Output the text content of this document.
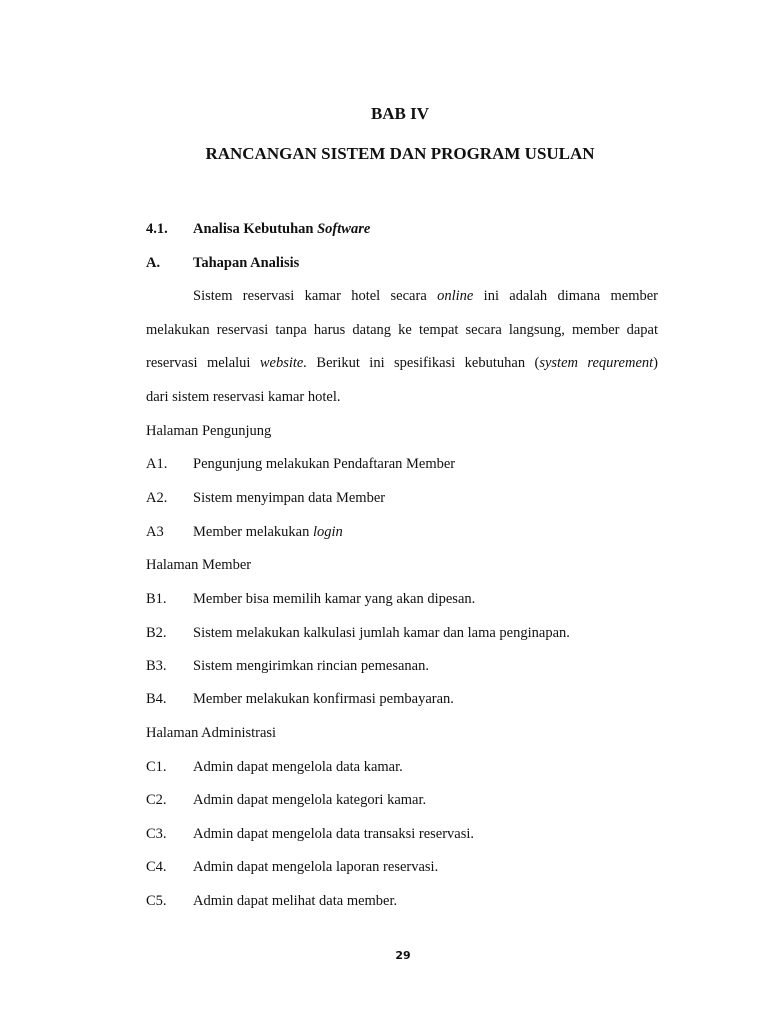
BAB IV
RANCANGAN SISTEM DAN PROGRAM USULAN
4.1. Analisa Kebutuhan Software
A. Tahapan Analisis
Sistem reservasi kamar hotel secara online ini adalah dimana member
melakukan reservasi tanpa harus datang ke tempat secara langsung, member dapat
reservasi melalui website. Berikut ini spesifikasi kebutuhan (system requrement)
dari sistem reservasi kamar hotel.
Halaman Pengunjung
A1. Pengunjung melakukan Pendaftaran Member
A2. Sistem menyimpan data Member
A3 Member melakukan login
Halaman Member
B1. Member bisa memilih kamar yang akan dipesan.
B2. Sistem melakukan kalkulasi jumlah kamar dan lama penginapan.
B3. Sistem mengirimkan rincian pemesanan.
B4. Member melakukan konfirmasi pembayaran.
Halaman Administrasi
C1. Admin dapat mengelola data kamar.
C2. Admin dapat mengelola kategori kamar.
C3. Admin dapat mengelola data transaksi reservasi.
C4. Admin dapat mengelola laporan reservasi.
C5. Admin dapat melihat data member.
29
